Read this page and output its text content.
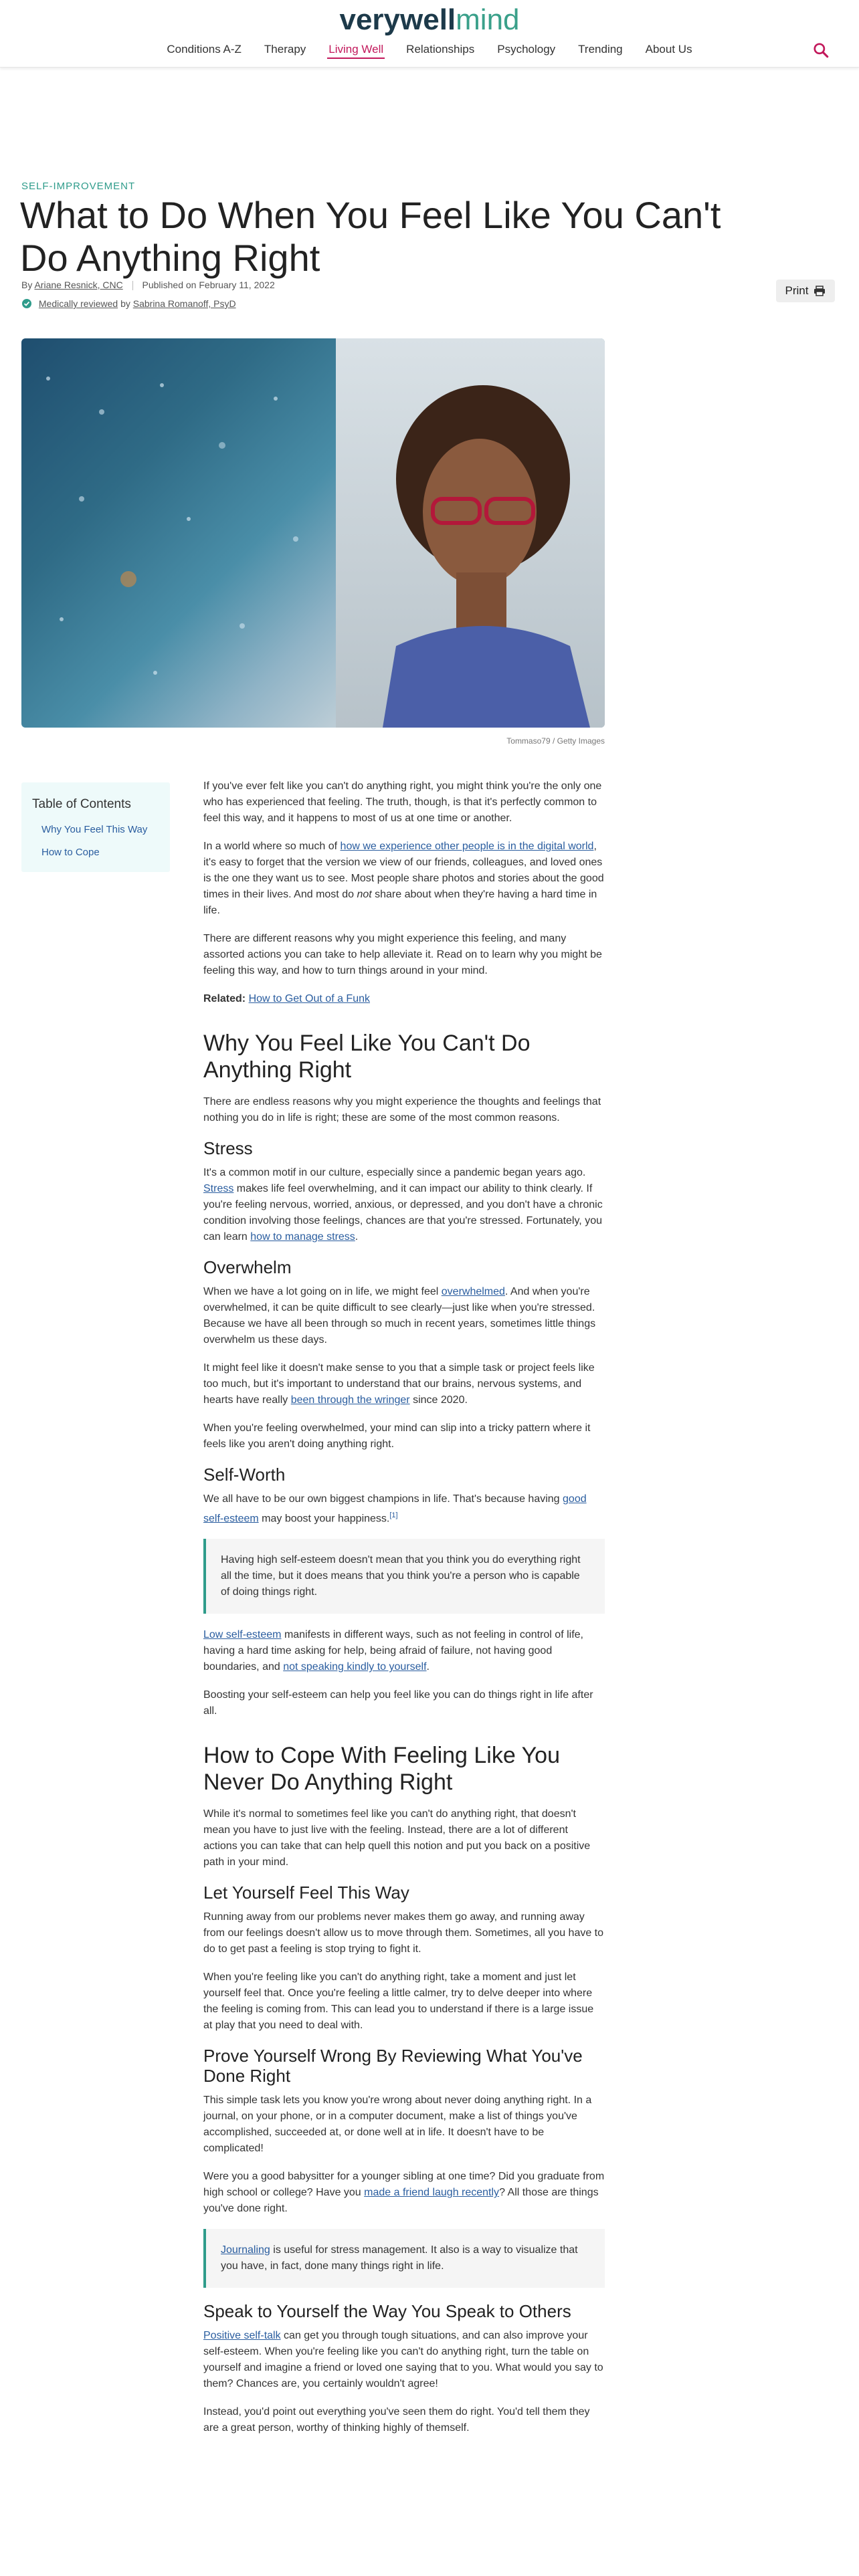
verywellmind
Conditions A-Z Therapy Living Well Relationships Psychology Trending About Us
SELF-IMPROVEMENT
What to Do When You Feel Like You Can't Do Anything Right
By Ariane Resnick, CNC Published on February 11, 2022
Medically reviewed by Sabrina Romanoff, PsyD
Print
Tommaso79 / Getty Images
Table of Contents
Why You Feel This Way
How to Cope

If you've ever felt like you can't do anything right, you might think you're the only one who has experienced that feeling. The truth, though, is that it's perfectly common to feel this way, and it happens to most of us at one time or another.

In a world where so much of how we experience other people is in the digital world, it's easy to forget that the version we view of our friends, colleagues, and loved ones is the one they want us to see. Most people share photos and stories about the good times in their lives. And most do not share about when they're having a hard time in life.

There are different reasons why you might experience this feeling, and many assorted actions you can take to help alleviate it. Read on to learn why you might be feeling this way, and how to turn things around in your mind.

Related: How to Get Out of a Funk

Why You Feel Like You Can't Do Anything Right

There are endless reasons why you might experience the thoughts and feelings that nothing you do in life is right; these are some of the most common reasons.

Stress

It's a common motif in our culture, especially since a pandemic began years ago. Stress makes life feel overwhelming, and it can impact our ability to think clearly. If you're feeling nervous, worried, anxious, or depressed, and you don't have a chronic condition involving those feelings, chances are that you're stressed. Fortunately, you can learn how to manage stress.

Overwhelm

When we have a lot going on in life, we might feel overwhelmed. And when you're overwhelmed, it can be quite difficult to see clearly—just like when you're stressed. Because we have all been through so much in recent years, sometimes little things overwhelm us these days.

It might feel like it doesn't make sense to you that a simple task or project feels like too much, but it's important to understand that our brains, nervous systems, and hearts have really been through the wringer since 2020.

When you're feeling overwhelmed, your mind can slip into a tricky pattern where it feels like you aren't doing anything right.

Self-Worth

We all have to be our own biggest champions in life. That's because having good self-esteem may boost your happiness.[1]

Having high self-esteem doesn't mean that you think you do everything right all the time, but it does means that you think you're a person who is capable of doing things right.

Low self-esteem manifests in different ways, such as not feeling in control of life, having a hard time asking for help, being afraid of failure, not having good boundaries, and not speaking kindly to yourself.

Boosting your self-esteem can help you feel like you can do things right in life after all.

How to Cope With Feeling Like You Never Do Anything Right

While it's normal to sometimes feel like you can't do anything right, that doesn't mean you have to just live with the feeling. Instead, there are a lot of different actions you can take that can help quell this notion and put you back on a positive path in your mind.

Let Yourself Feel This Way

Running away from our problems never makes them go away, and running away from our feelings doesn't allow us to move through them. Sometimes, all you have to do to get past a feeling is stop trying to fight it.

When you're feeling like you can't do anything right, take a moment and just let yourself feel that. Once you're feeling a little calmer, try to delve deeper into where the feeling is coming from. This can lead you to understand if there is a large issue at play that you need to deal with.

Prove Yourself Wrong By Reviewing What You've Done Right

This simple task lets you know you're wrong about never doing anything right. In a journal, on your phone, or in a computer document, make a list of things you've accomplished, succeeded at, or done well at in life. It doesn't have to be complicated!

Were you a good babysitter for a younger sibling at one time? Did you graduate from high school or college? Have you made a friend laugh recently? All those are things you've done right.

Journaling is useful for stress management. It also is a way to visualize that you have, in fact, done many things right in life.
Speak to Yourself the Way You Speak to Others

Positive self-talk can get you through tough situations, and can also improve your self-esteem. When you're feeling like you can't do anything right, turn the table on yourself and imagine a friend or loved one saying that to you. What would you say to them? Chances are, you certainly wouldn't agree!

Instead, you'd point out everything you've seen them do right. You'd tell them they are a great person, worthy of thinking highly of themself.
